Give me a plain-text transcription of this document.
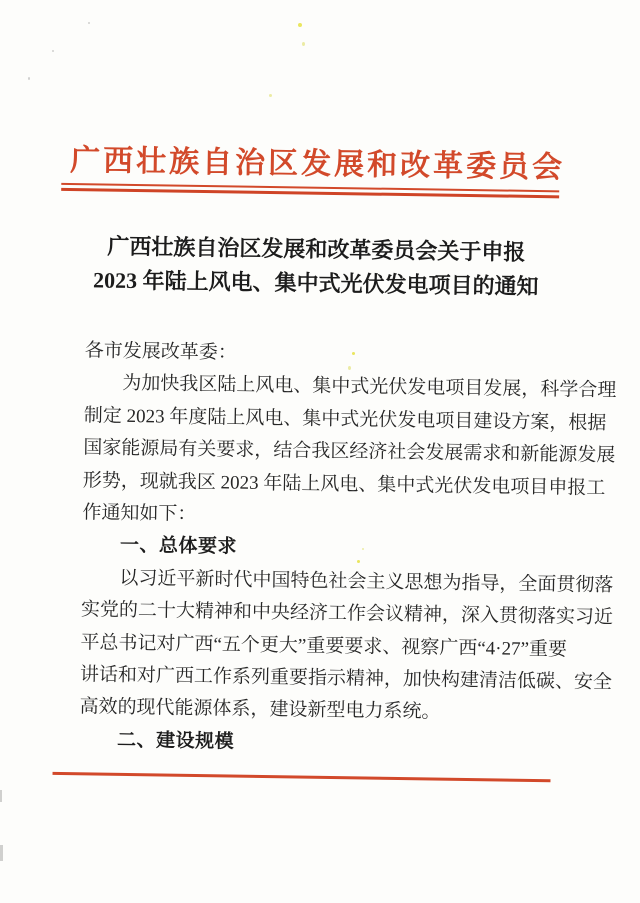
广西壮族自治区发展和改革委员会
广西壮族自治区发展和改革委员会关于申报
2023 年陆上风电、集中式光伏发电项目的通知
各市发展改革委：
为加快我区陆上风电、集中式光伏发电项目发展，科学合理
制定 2023 年度陆上风电、集中式光伏发电项目建设方案，根据
国家能源局有关要求，结合我区经济社会发展需求和新能源发展
形势，现就我区 2023 年陆上风电、集中式光伏发电项目申报工
作通知如下：
一、总体要求
以习近平新时代中国特色社会主义思想为指导，全面贯彻落
实党的二十大精神和中央经济工作会议精神，深入贯彻落实习近
平总书记对广西“五个更大”重要要求、视察广西“4·27”重要
讲话和对广西工作系列重要指示精神，加快构建清洁低碳、安全
高效的现代能源体系，建设新型电力系统。
二、建设规模
